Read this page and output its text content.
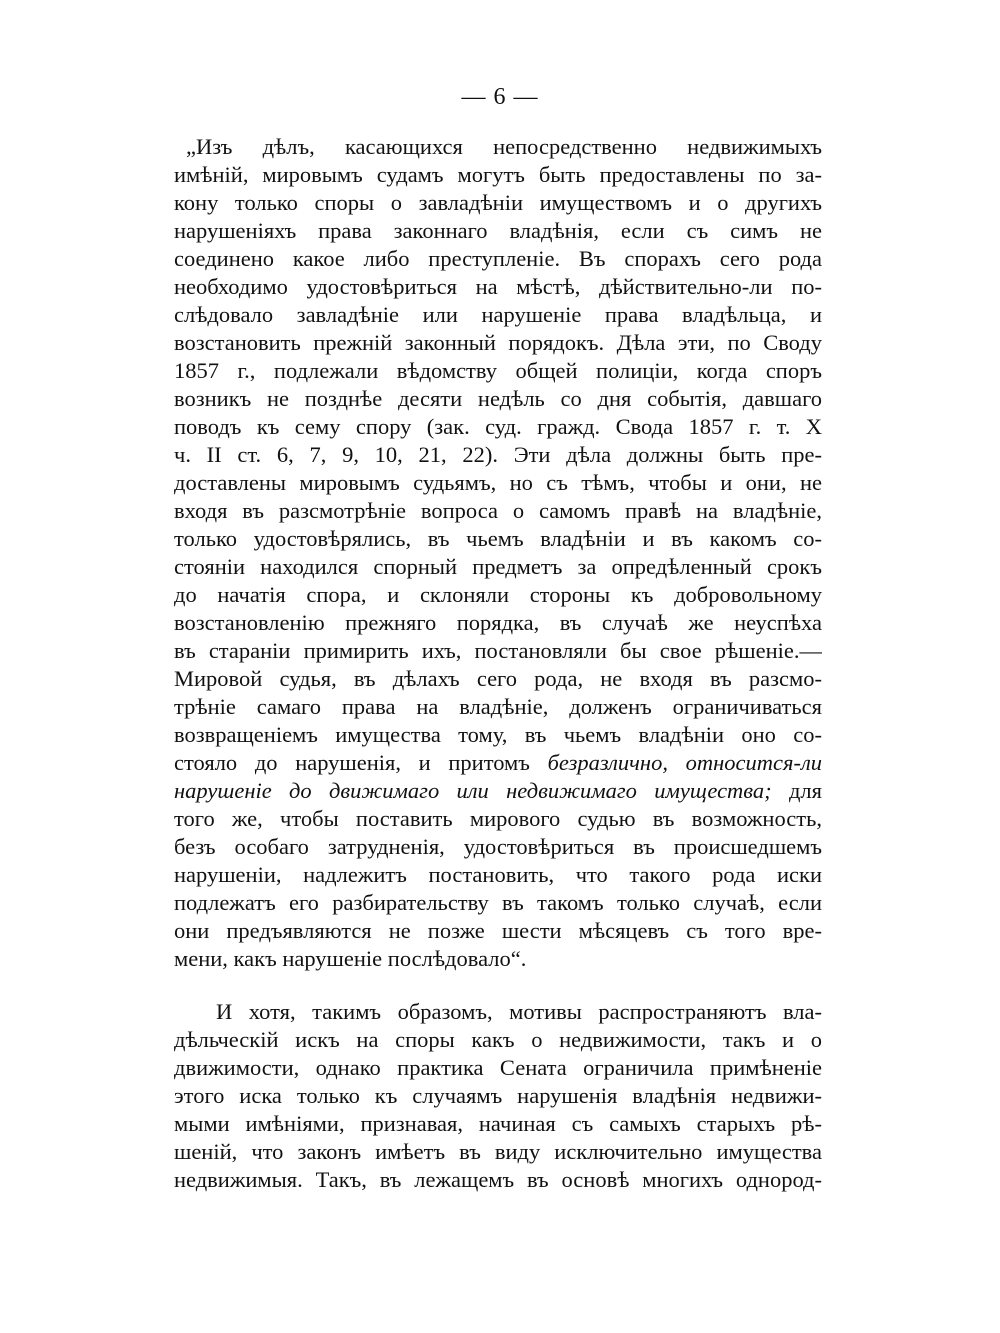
— 6 —
„Изъ дѣлъ, касающихся непосредственно недвижимыхъ
имѣній, мировымъ судамъ могутъ быть предоставлены по за-
кону только споры о завладѣніи имуществомъ и о другихъ
нарушеніяхъ права законнаго владѣнія, если съ симъ не
соединено какое либо преступленіе. Въ спорахъ сего рода
необходимо удостовѣриться на мѣстѣ, дѣйствительно-ли по-
слѣдовало завладѣніе или нарушеніе права владѣльца, и
возстановить прежній законный порядокъ. Дѣла эти, по Своду
1857 г., подлежали вѣдомству общей полиціи, когда споръ
возникъ не позднѣе десяти недѣль со дня событія, давшаго
поводъ къ сему спору (зак. суд. гражд. Свода 1857 г. т. X
ч. II ст. 6, 7, 9, 10, 21, 22). Эти дѣла должны быть пре-
доставлены мировымъ судьямъ, но съ тѣмъ, чтобы и они, не
входя въ разсмотрѣніе вопроса о самомъ правѣ на владѣніе,
только удостовѣрялись, въ чьемъ владѣніи и въ какомъ со-
стояніи находился спорный предметъ за опредѣленный срокъ
до начатія спора, и склоняли стороны къ добровольному
возстановленію прежняго порядка, въ случаѣ же неуспѣха
въ стараніи примирить ихъ, постановляли бы свое рѣшеніе.—
Мировой судья, въ дѣлахъ сего рода, не входя въ разсмо-
трѣніе самаго права на владѣніе, долженъ ограничиваться
возвращеніемъ имущества тому, въ чьемъ владѣніи оно со-
стояло до нарушенія, и притомъ безразлично, относится-ли
нарушеніе до движимаго или недвижимаго имущества; для
того же, чтобы поставить мирового судью въ возможность,
безъ особаго затрудненія, удостовѣриться въ происшедшемъ
нарушеніи, надлежитъ постановить, что такого рода иски
подлежатъ его разбирательству въ такомъ только случаѣ, если
они предъявляются не позже шести мѣсяцевъ съ того вре-
мени, какъ нарушеніе послѣдовало“.
И хотя, такимъ образомъ, мотивы распространяютъ вла-
дѣльческій искъ на споры какъ о недвижимости, такъ и о
движимости, однако практика Сената ограничила примѣненіе
этого иска только къ случаямъ нарушенія владѣнія недвижи-
мыми имѣніями, признавая, начиная съ самыхъ старыхъ рѣ-
шеній, что законъ имѣетъ въ виду исключительно имущества
недвижимыя. Такъ, въ лежащемъ въ основѣ многихъ однород-
